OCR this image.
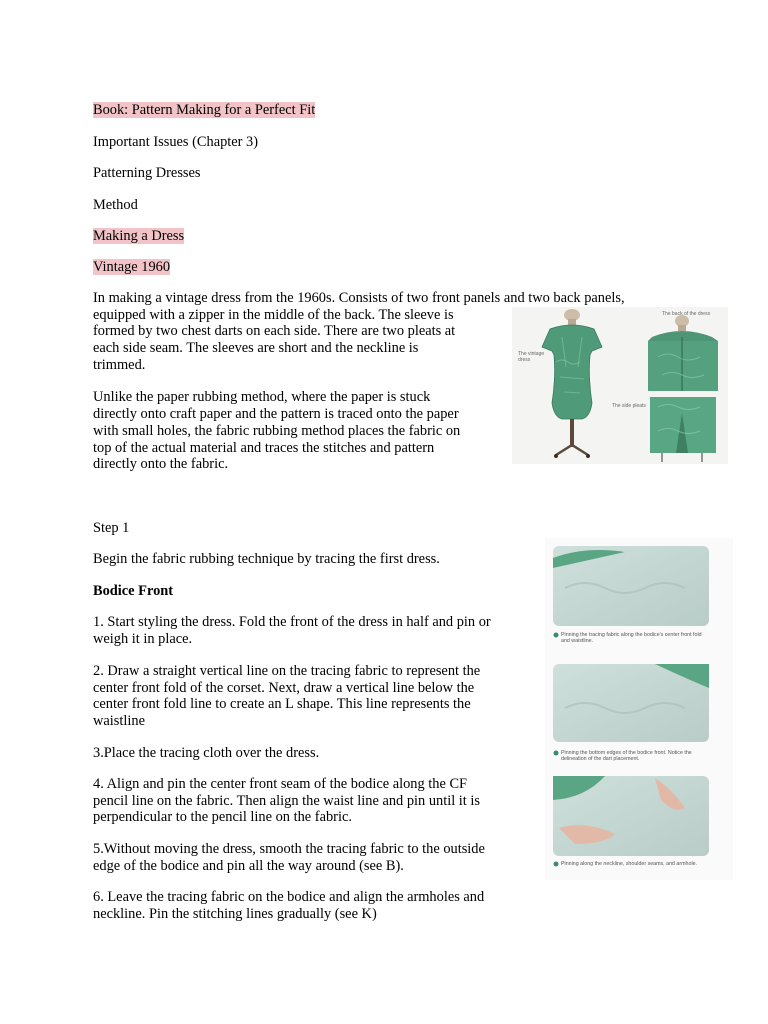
Book: Pattern Making for a Perfect Fit
Important Issues (Chapter 3)
Patterning Dresses
Method
Making a Dress
Vintage 1960
In making a vintage dress from the 1960s. Consists of two front panels and two back panels,
equipped with a zipper in the middle of the back. The sleeve is
formed by two chest darts on each side. There are two pleats at
each side seam. The sleeves are short and the neckline is
trimmed.
Unlike the paper rubbing method, where the paper is stuck
directly onto craft paper and the pattern is traced onto the paper
with small holes, the fabric rubbing method places the fabric on
top of the actual material and traces the stitches and pattern
directly onto the fabric.
The vintage dress
The back of the dress
The side pleats
Step 1
Begin the fabric rubbing technique by tracing the first dress.
Bodice Front
1. Start styling the dress. Fold the front of the dress in half and pin or
weigh it in place.
2. Draw a straight vertical line on the tracing fabric to represent the
center front fold of the corset. Next, draw a vertical line below the
center front fold line to create an L shape. This line represents the
waistline
3.Place the tracing cloth over the dress.
4. Align and pin the center front seam of the bodice along the CF
pencil line on the fabric. Then align the waist line and pin until it is
perpendicular to the pencil line on the fabric.
5.Without moving the dress, smooth the tracing fabric to the outside
edge of the bodice and pin all the way around (see B).
6. Leave the tracing fabric on the bodice and align the armholes and
neckline. Pin the stitching lines gradually (see K)
Pinning the tracing fabric along the bodice's center front fold and waistline.
Pinning the bottom edges of the bodice front. Notice the delineation of the dart placement.
Pinning along the neckline, shoulder seams, and armhole.
